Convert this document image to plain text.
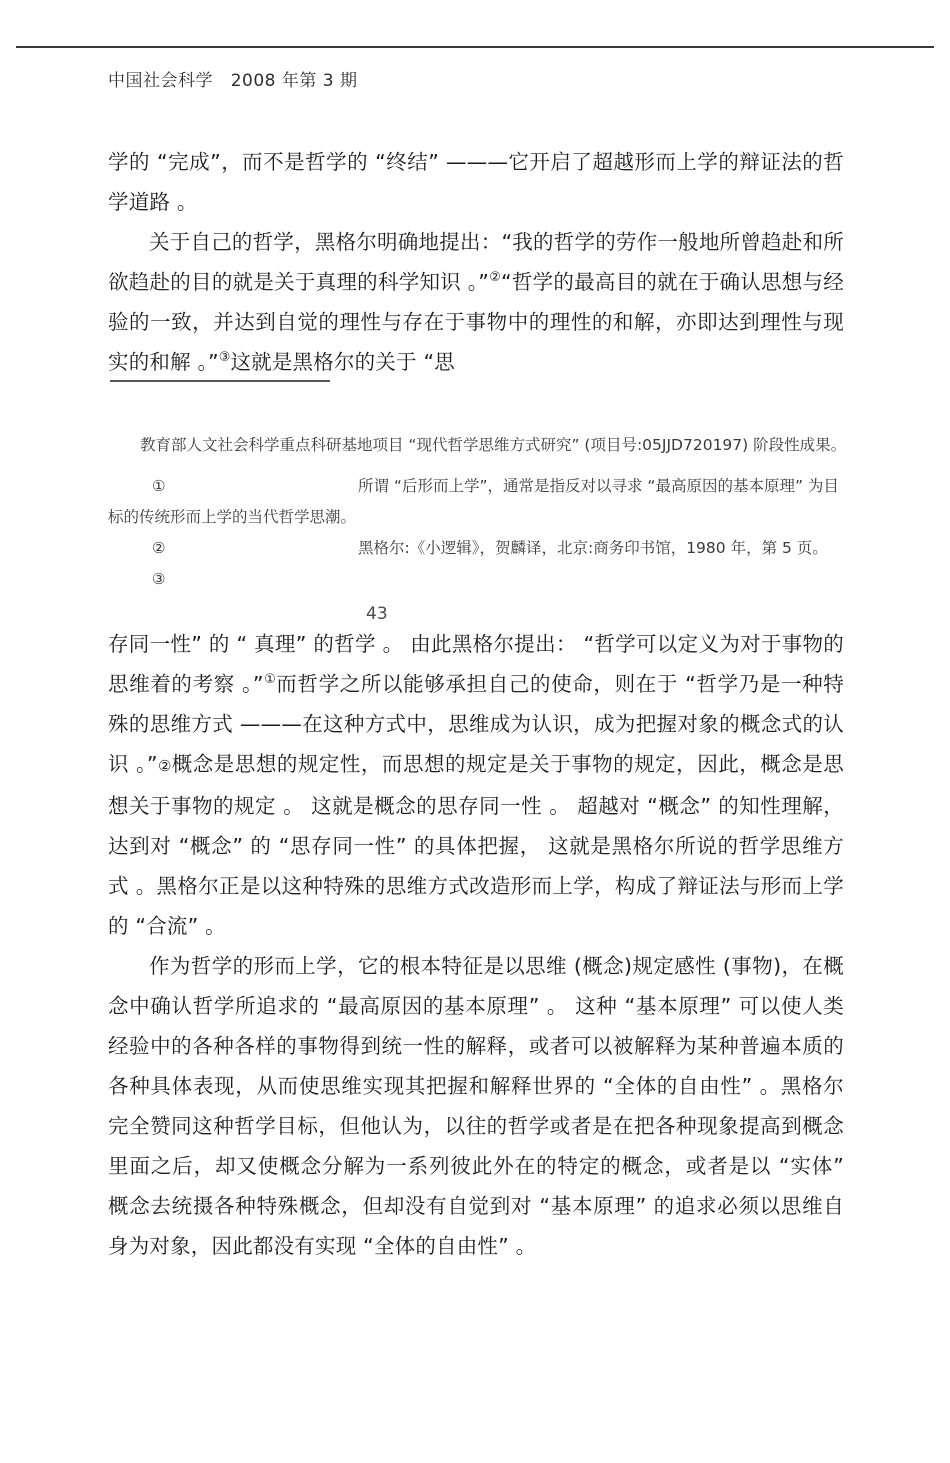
中国社会科学   2008 年第 3 期

学的 “完成”，而不是哲学的 “终结” ———它开启了超越形而上学的辩证法的哲学道路 。

关于自己的哲学，黑格尔明确地提出：“我的哲学的劳作一般地所曾趋赴和所欲趋赴的目的就是关于真理的科学知识 。”②“哲学的最高目的就在于确认思想与经验的一致，并达到自觉的理性与存在于事物中的理性的和解，亦即达到理性与现实的和解 。”③这就是黑格尔的关于 “思

教育部人文社会科学重点科研基地项目 “现代哲学思维方式研究” (项目号:05JJD720197) 阶段性成果。

①	所谓 “后形而上学”，通常是指反对以寻求 “最高原因的基本原理” 为目标的传统形而上学的当代哲学思潮。
②	黑格尔:《小逻辑》，贺麟译，北京:商务印书馆，1980 年，第 5 页。
③
43

存同一性” 的 “ 真理” 的哲学 。 由此黑格尔提出： “哲学可以定义为对于事物的思维着的考察 。”①而哲学之所以能够承担自己的使命，则在于 “哲学乃是一种特殊的思维方式 ———在这种方式中，思维成为认识，成为把握对象的概念式的认识 。”②概念是思想的规定性，而思想的规定是关于事物的规定，因此，概念是思想关于事物的规定 。 这就是概念的思存同一性 。 超越对 “概念” 的知性理解，达到对 “概念” 的 “思存同一性” 的具体把握， 这就是黑格尔所说的哲学思维方式 。黑格尔正是以这种特殊的思维方式改造形而上学，构成了辩证法与形而上学的 “合流” 。

作为哲学的形而上学，它的根本特征是以思维 (概念)规定感性 (事物)，在概念中确认哲学所追求的 “最高原因的基本原理” 。 这种 “基本原理” 可以使人类经验中的各种各样的事物得到统一性的解释，或者可以被解释为某种普遍本质的各种具体表现，从而使思维实现其把握和解释世界的 “全体的自由性” 。黑格尔完全赞同这种哲学目标，但他认为，以往的哲学或者是在把各种现象提高到概念里面之后，却又使概念分解为一系列彼此外在的特定的概念，或者是以 “实体” 概念去统摄各种特殊概念，但却没有自觉到对 “基本原理” 的追求必须以思维自身为对象，因此都没有实现 “全体的自由性” 。
